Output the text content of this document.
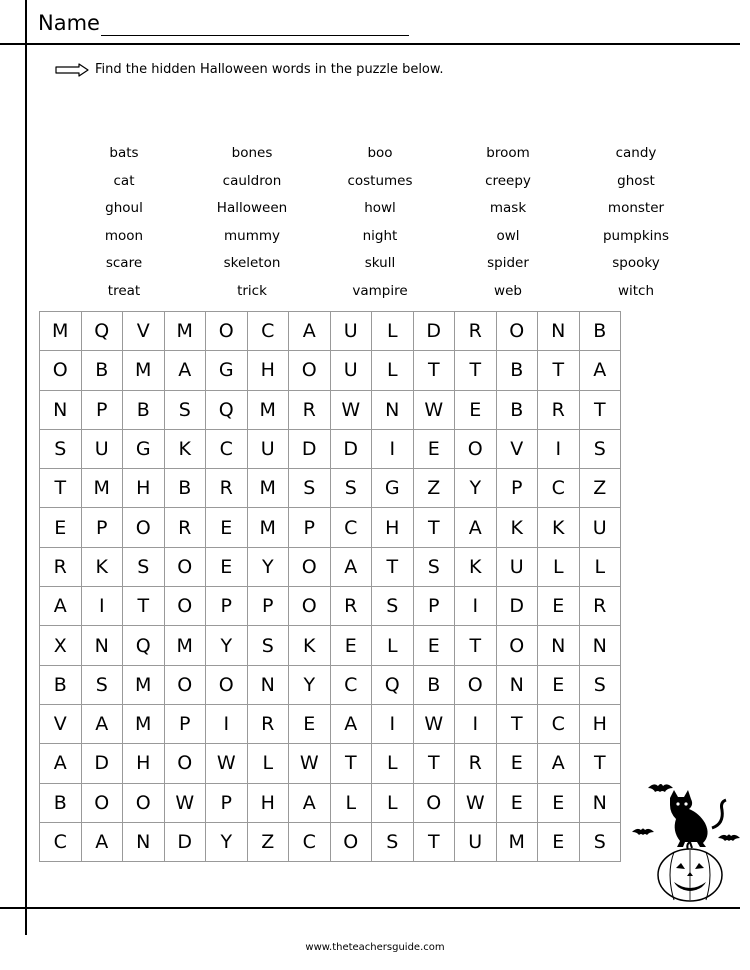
Name
Find the hidden Halloween words in the puzzle below.
bats	bones	boo	broom	candy
cat	cauldron	costumes	creepy	ghost
ghoul	Halloween	howl	mask	monster
moon	mummy	night	owl	pumpkins
scare	skeleton	skull	spider	spooky
treat	trick	vampire	web	witch
M	Q	V	M	O	C	A	U	L	D	R	O	N	B
O	B	M	A	G	H	O	U	L	T	T	B	T	A
N	P	B	S	Q	M	R	W	N	W	E	B	R	T
S	U	G	K	C	U	D	D	I	E	O	V	I	S
T	M	H	B	R	M	S	S	G	Z	Y	P	C	Z
E	P	O	R	E	M	P	C	H	T	A	K	K	U
R	K	S	O	E	Y	O	A	T	S	K	U	L	L
A	I	T	O	P	P	O	R	S	P	I	D	E	R
X	N	Q	M	Y	S	K	E	L	E	T	O	N	N
B	S	M	O	O	N	Y	C	Q	B	O	N	E	S
V	A	M	P	I	R	E	A	I	W	I	T	C	H
A	D	H	O	W	L	W	T	L	T	R	E	A	T
B	O	O	W	P	H	A	L	L	O	W	E	E	N
C	A	N	D	Y	Z	C	O	S	T	U	M	E	S
www.theteachersguide.com
